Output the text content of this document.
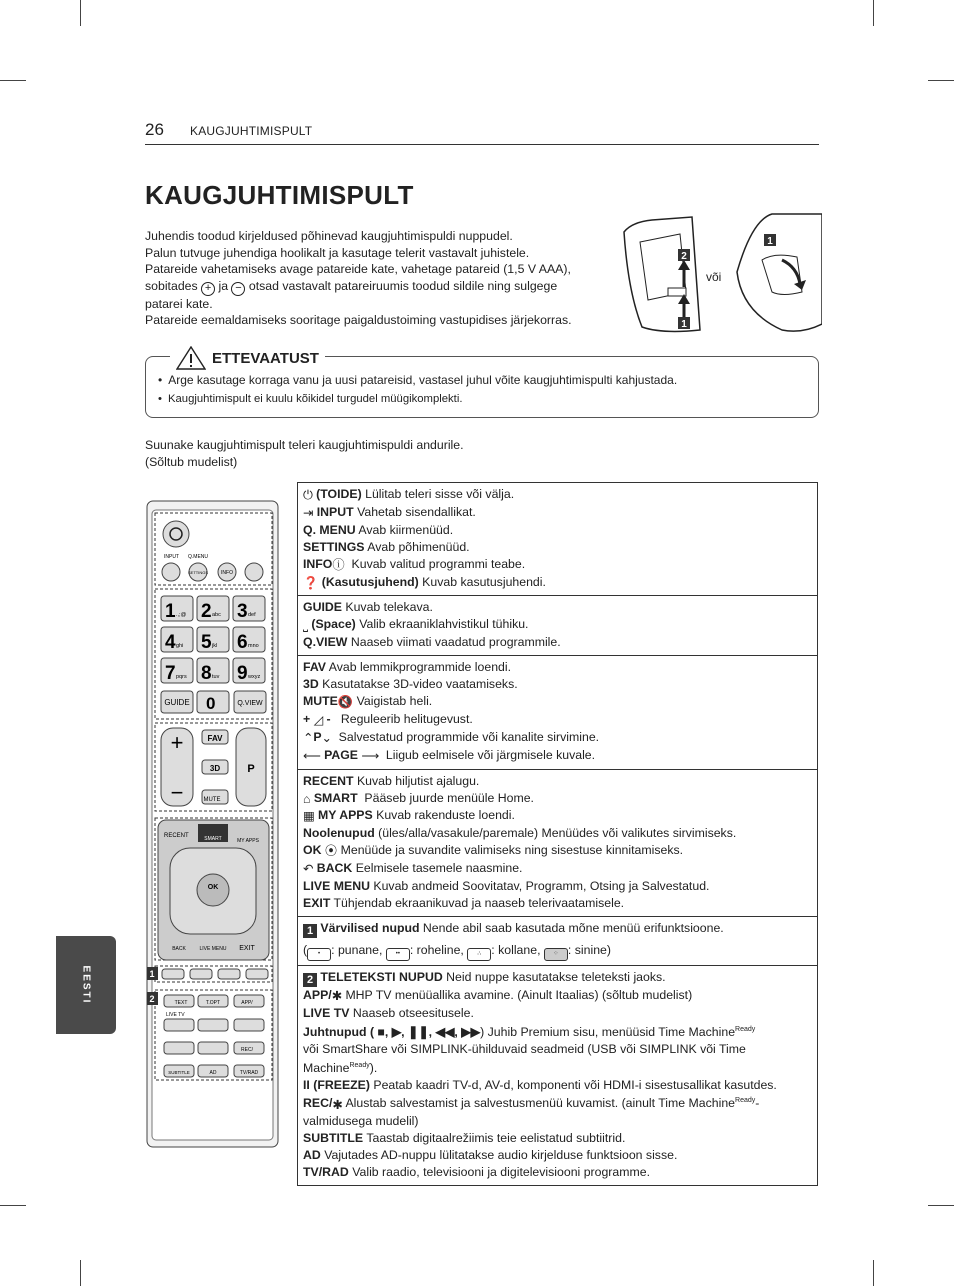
26 KAUGJUHTIMISPULT
KAUGJUHTIMISPULT

Juhendis toodud kirjeldused põhinevad kaugjuhtimispuldi nuppudel.

Palun tutvuge juhendiga hoolikalt ja kasutage telerit vastavalt juhistele.

Patareide vahetamiseks avage patareide kate, vahetage patareid (1,5 V AAA),

sobitades + ja − otsad vastavalt patareiruumis toodud sildile ning sulgege

patarei kate.

Patareide eemaldamiseks sooritage paigaldustoiming vastupidises järjekorras.

2
1
või
1
• Arge kasutage korraga vanu ja uusi patareisid, vastasel juhul võite kaugjuhtimispulti kahjustada.
• Kaugjuhtimispult ei kuulu kõikidel turgudel müügikomplekti.
ETTEVAATUST
Suunake kaugjuhtimispult teleri kaugjuhtimispuldi andurile.
(Sõltub mudelist)
EESTI
INPUT Q.MENU
SETTINGS	INFO
1 .,;@ 2 abc 3 def
4 ghi 5 jkl 6 mno
7 pqrs 8 tuv 9 wxyz
GUIDE 0	Q.VIEW
+
−
FAV
3D
MUTE
P
RECENT	SMART	MY APPS
OK
BACK	LIVE MENU EXIT
1
2	TEXT	T.OPT	APP/
LIVE TV
REC/
SUBTITLE	AD	TV/RAD
⏻ (TOIDE) Lülitab teleri sisse või välja.
⇥ INPUT Vahetab sisendallikat.
Q. MENU Avab kiirmenüüd.
SETTINGS Avab põhimenüüd.
INFOⓘ Kuvab valitud programmi teabe.
❓ (Kasutusjuhend) Kuvab kasutusjuhendi.
GUIDE Kuvab telekava.
⎵ (Space) Valib ekraaniklahvistikul tühiku.
Q.VIEW Naaseb viimati vaadatud programmile.
FAV Avab lemmikprogrammide loendi.
3D Kasutatakse 3D-video vaatamiseks.
MUTE🔇 Vaigistab heli.
+ ◿ - Reguleerib helitugevust.
⌃P⌄ Salvestatud programmide või kanalite sirvimine.
⟵ PAGE ⟶ Liigub eelmisele või järgmisele kuvale.
RECENT Kuvab hiljutist ajalugu.
⌂ SMART Pääseb juurde menüüle Home.
▦ MY APPS Kuvab rakenduste loendi.
Noolenupud (üles/alla/vasakule/paremale) Menüüdes või valikutes sirvimiseks.
OK ⦿ Menüüde ja suvandite valimiseks ning sisestuse kinnitamiseks.
↶ BACK Eelmisele tasemele naasmine.
LIVE MENU Kuvab andmeid Soovitatav, Programm, Otsing ja Salvestatud.
EXIT Tühjendab ekraanikuvad ja naaseb telerivaatamisele.
1 Värvilised nupud Nende abil saab kasutada mõne menüü erifunktsioone.
( • : punane, •• : roheline, ∴ : kollane, ⁘ : sinine)
2 TELETEKSTI NUPUD Neid nuppe kasutatakse teleteksti jaoks.
APP/✱ MHP TV menüüallika avamine. (Ainult Itaalias) (sõltub mudelist)
LIVE TV Naaseb otseesitusele.
Juhtnupud ( ■, ▶, ❚❚, ◀◀, ▶▶) Juhib Premium sisu, menüüsid Time Machine$^{Ready}$
või SmartShare või SIMPLINK-ühilduvaid seadmeid (USB või SIMPLINK või Time Machine$^{Ready}$).
II (FREEZE) Peatab kaadri TV-d, AV-d, komponenti või HDMI-i sisestusallikat kasutdes.
REC/✱ Alustab salvestamist ja salvestusmenüü kuvamist. (ainult Time Machine$^{Ready}$-valmidusega mudelil)
SUBTITLE Taastab digitaalrežiimis teie eelistatud subtiitrid.
AD Vajutades AD-nuppu lülitatakse audio kirjelduse funktsioon sisse.
TV/RAD Valib raadio, televisiooni ja digitelevisiooni programme.
